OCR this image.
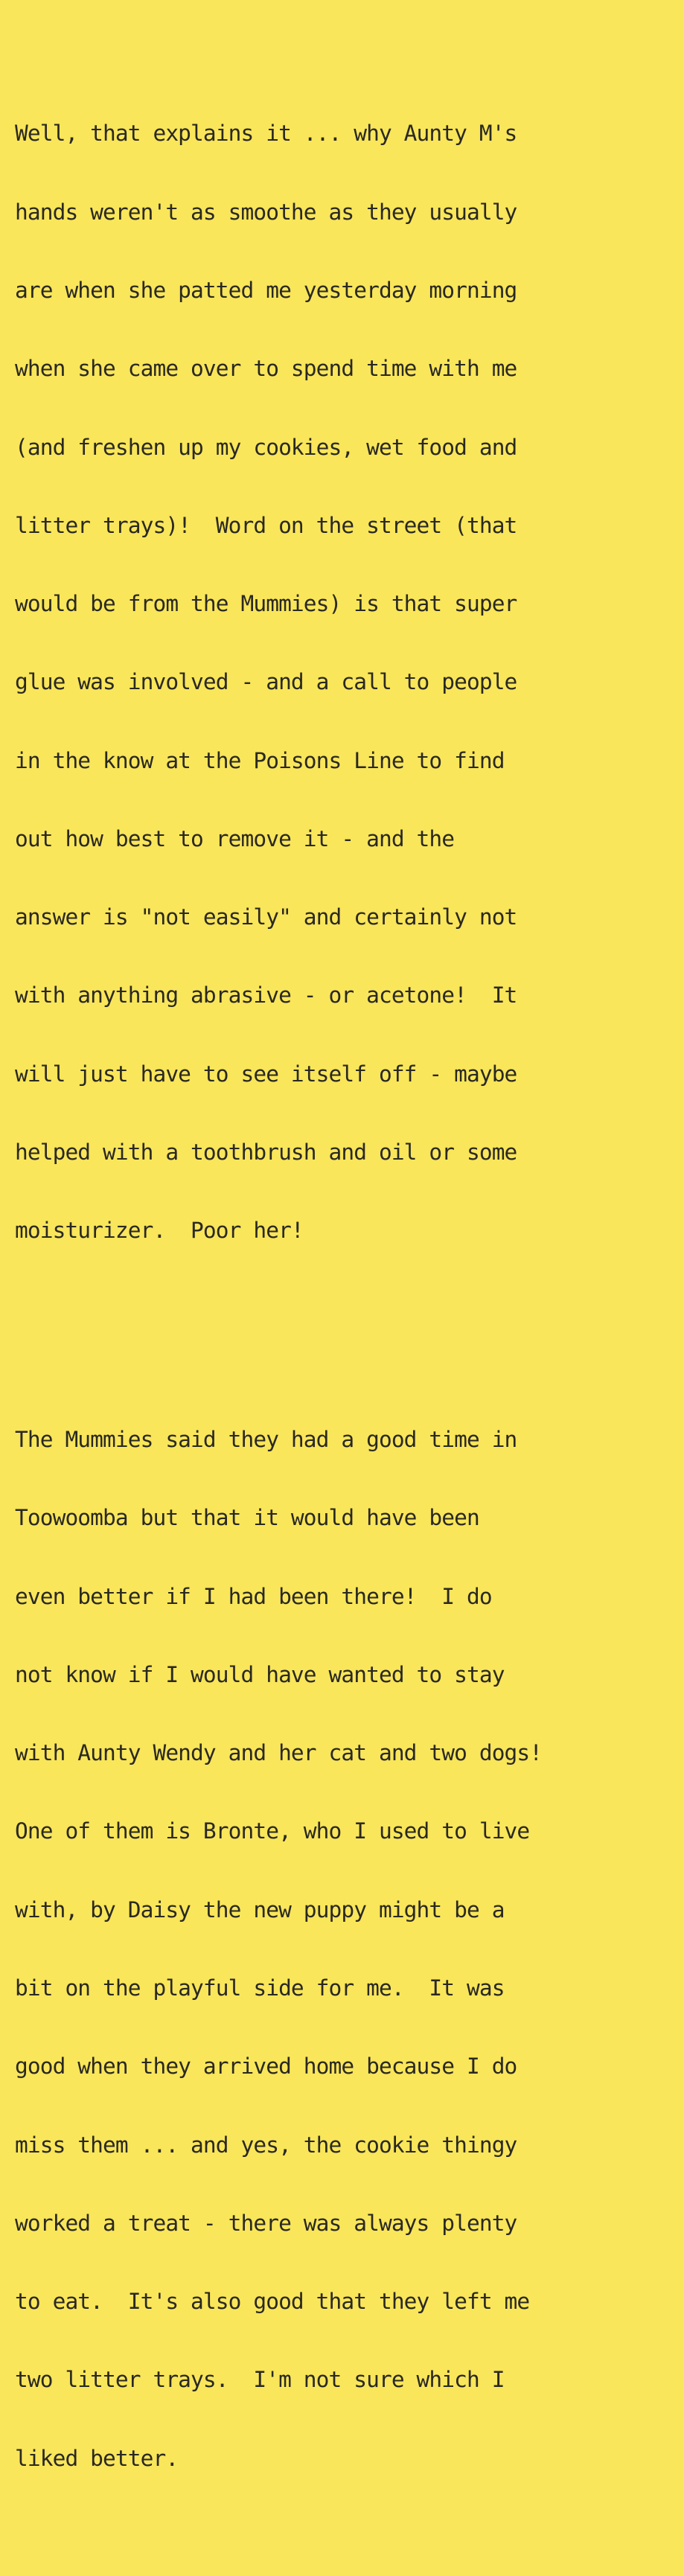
Well, that explains it ... why Aunty M's

hands weren't as smoothe as they usually

are when she patted me yesterday morning

when she came over to spend time with me

(and freshen up my cookies, wet food and

litter trays)!  Word on the street (that

would be from the Mummies) is that super

glue was involved - and a call to people

in the know at the Poisons Line to find

out how best to remove it - and the

answer is "not easily" and certainly not

with anything abrasive - or acetone!  It

will just have to see itself off - maybe

helped with a toothbrush and oil or some

moisturizer.  Poor her!

The Mummies said they had a good time in

Toowoomba but that it would have been

even better if I had been there!  I do

not know if I would have wanted to stay

with Aunty Wendy and her cat and two dogs!

One of them is Bronte, who I used to live

with, by Daisy the new puppy might be a

bit on the playful side for me.  It was

good when they arrived home because I do

miss them ... and yes, the cookie thingy

worked a treat - there was always plenty

to eat.  It's also good that they left me

two litter trays.  I'm not sure which I

liked better.
